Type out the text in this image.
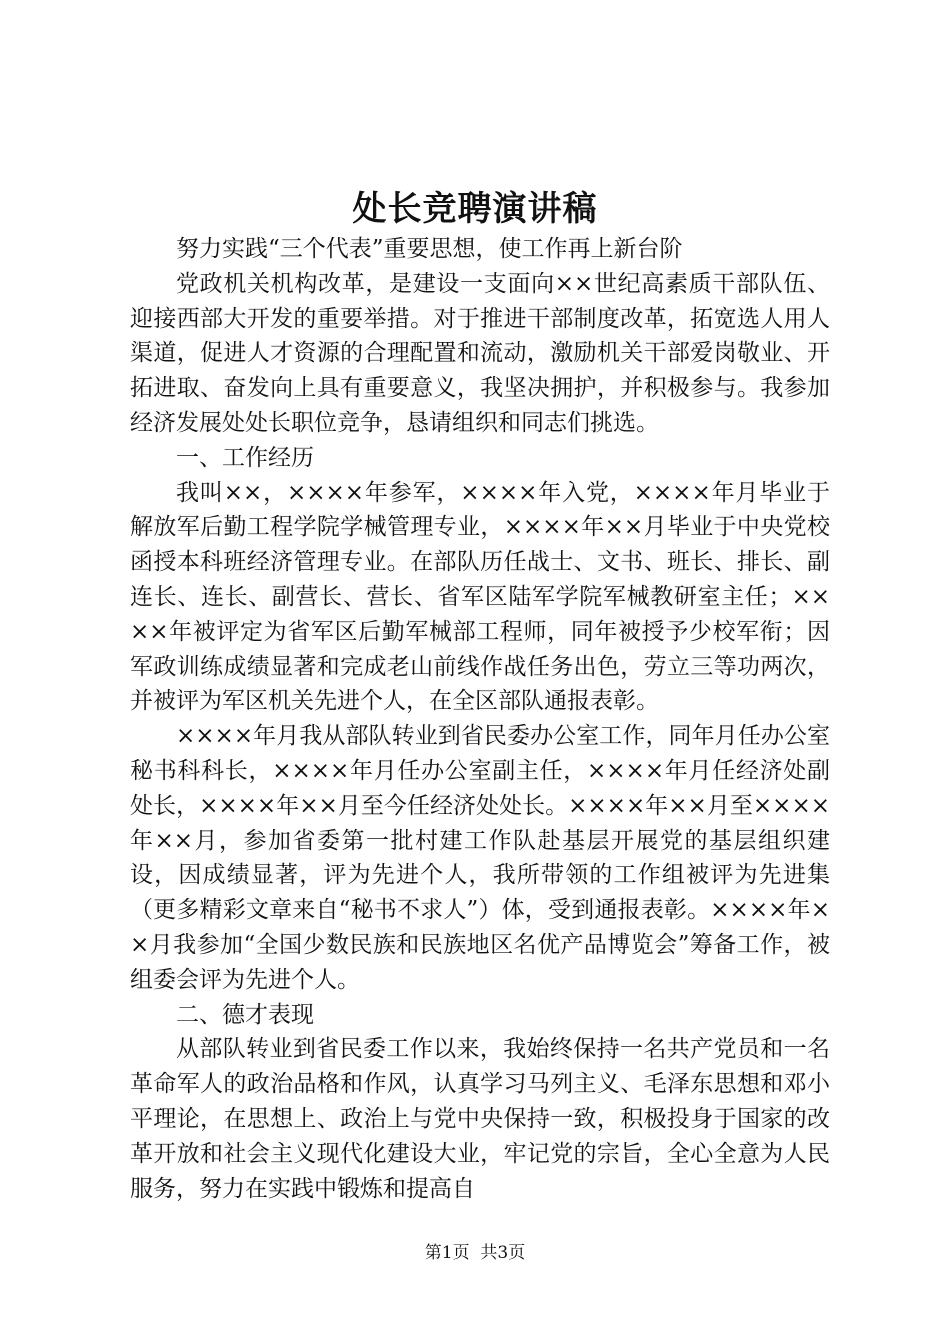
处长竞聘演讲稿

努力实践“三个代表”重要思想，使工作再上新台阶

党政机关机构改革，是建设一支面向××世纪高素质干部队伍、迎接西部大开发的重要举措。对于推进干部制度改革，拓宽选人用人渠道，促进人才资源的合理配置和流动，激励机关干部爱岗敬业、开拓进取、奋发向上具有重要意义，我坚决拥护，并积极参与。我参加经济发展处处长职位竞争，恳请组织和同志们挑选。

一、工作经历

我叫××，××××年参军，××××年入党，××××年月毕业于解放军后勤工程学院学械管理专业，××××年××月毕业于中央党校函授本科班经济管理专业。在部队历任战士、文书、班长、排长、副连长、连长、副营长、营长、省军区陆军学院军械教研室主任；××××年被评定为省军区后勤军械部工程师，同年被授予少校军衔；因军政训练成绩显著和完成老山前线作战任务出色，劳立三等功两次，并被评为军区机关先进个人，在全区部队通报表彰。

××××年月我从部队转业到省民委办公室工作，同年月任办公室秘书科科长，××××年月任办公室副主任，××××年月任经济处副处长，××××年××月至今任经济处处长。××××年××月至××××年××月，参加省委第一批村建工作队赴基层开展党的基层组织建设，因成绩显著，评为先进个人，我所带领的工作组被评为先进集（更多精彩文章来自“秘书不求人”）体，受到通报表彰。××××年××月我参加“全国少数民族和民族地区名优产品博览会”筹备工作，被组委会评为先进个人。

二、德才表现

从部队转业到省民委工作以来，我始终保持一名共产党员和一名革命军人的政治品格和作风，认真学习马列主义、毛泽东思想和邓小平理论，在思想上、政治上与党中央保持一致，积极投身于国家的改革开放和社会主义现代化建设大业，牢记党的宗旨，全心全意为人民服务，努力在实践中锻炼和提高自

第1页  共3页
